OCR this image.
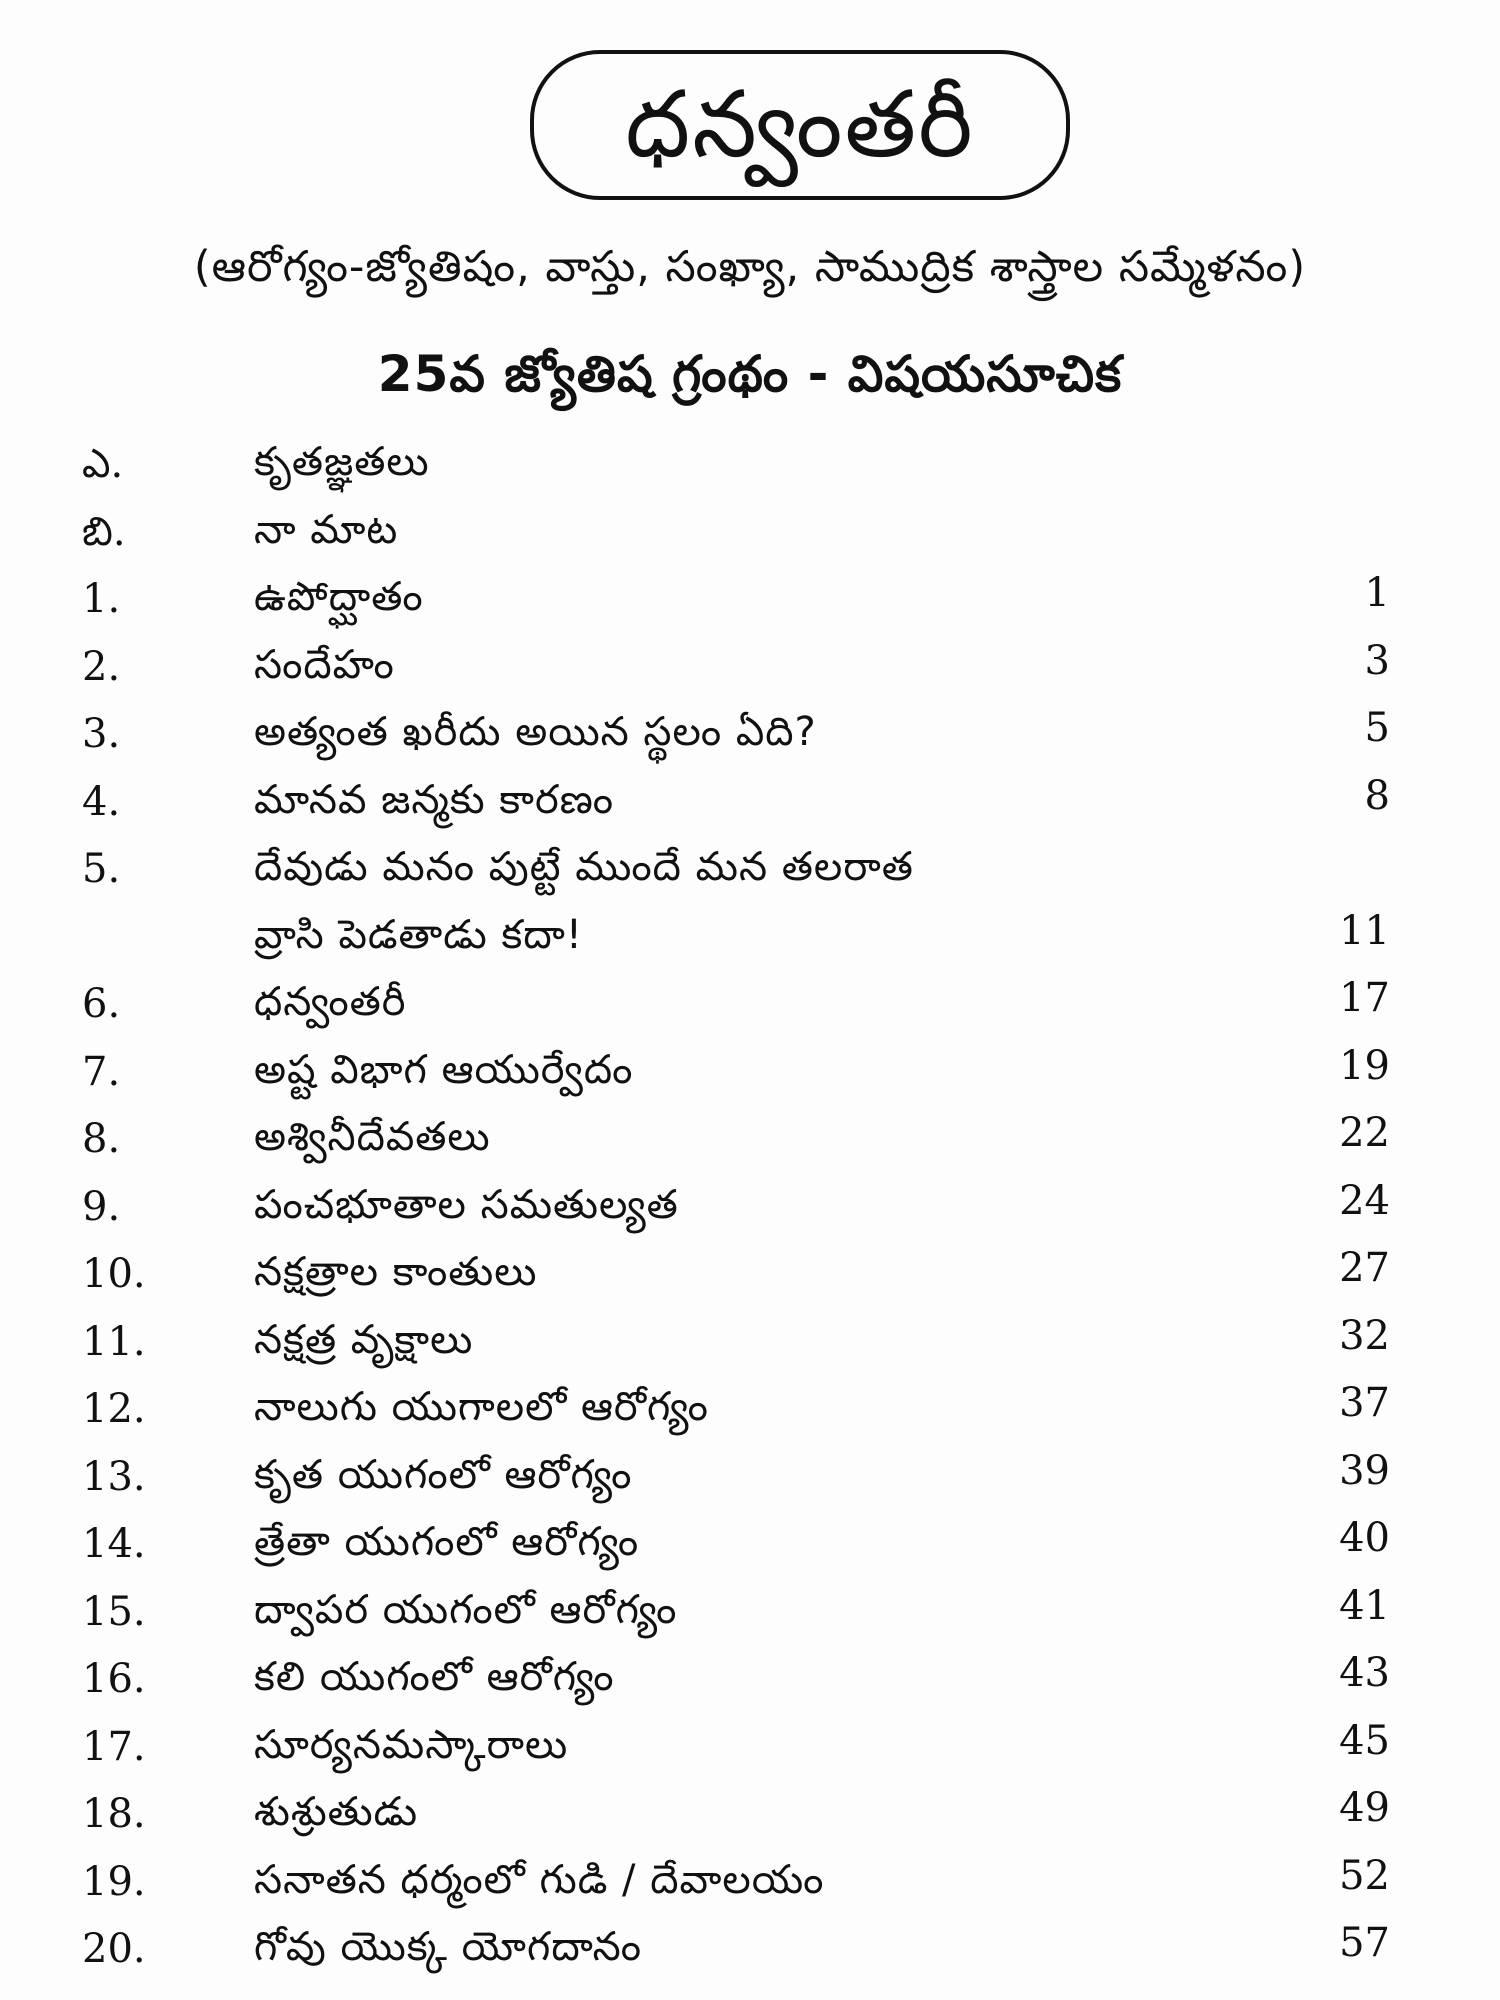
ధన్వంతరీ
(ఆరోగ్యం-జ్యోతిషం, వాస్తు, సంఖ్యా, సాముద్రిక శాస్త్రాల సమ్మేళనం)
25వ జ్యోతిష గ్రంథం - విషయసూచిక
ఎ.	కృతజ్ఞతలు
బి.	నా మాట
1.	ఉపోద్ఘాతం	1
2.	సందేహం	3
3.	అత్యంత ఖరీదు అయిన స్థలం ఏది?	5
4.	మానవ జన్మకు కారణం	8
5.	దేవుడు మనం పుట్టే ముందే మన తలరాత
వ్రాసి పెడతాడు కదా!	11
6.	ధన్వంతరీ	17
7.	అష్ట విభాగ ఆయుర్వేదం	19
8.	అశ్వినీదేవతలు	22
9.	పంచభూతాల సమతుల్యత	24
10.	నక్షత్రాల కాంతులు	27
11.	నక్షత్ర వృక్షాలు	32
12.	నాలుగు యుగాలలో ఆరోగ్యం	37
13.	కృత యుగంలో ఆరోగ్యం	39
14.	త్రేతా యుగంలో ఆరోగ్యం	40
15.	ద్వాపర యుగంలో ఆరోగ్యం	41
16.	కలి యుగంలో ఆరోగ్యం	43
17.	సూర్యనమస్కారాలు	45
18.	శుశ్రుతుడు	49
19.	సనాతన ధర్మంలో గుడి / దేవాలయం	52
20.	గోవు యొక్క యోగదానం	57
